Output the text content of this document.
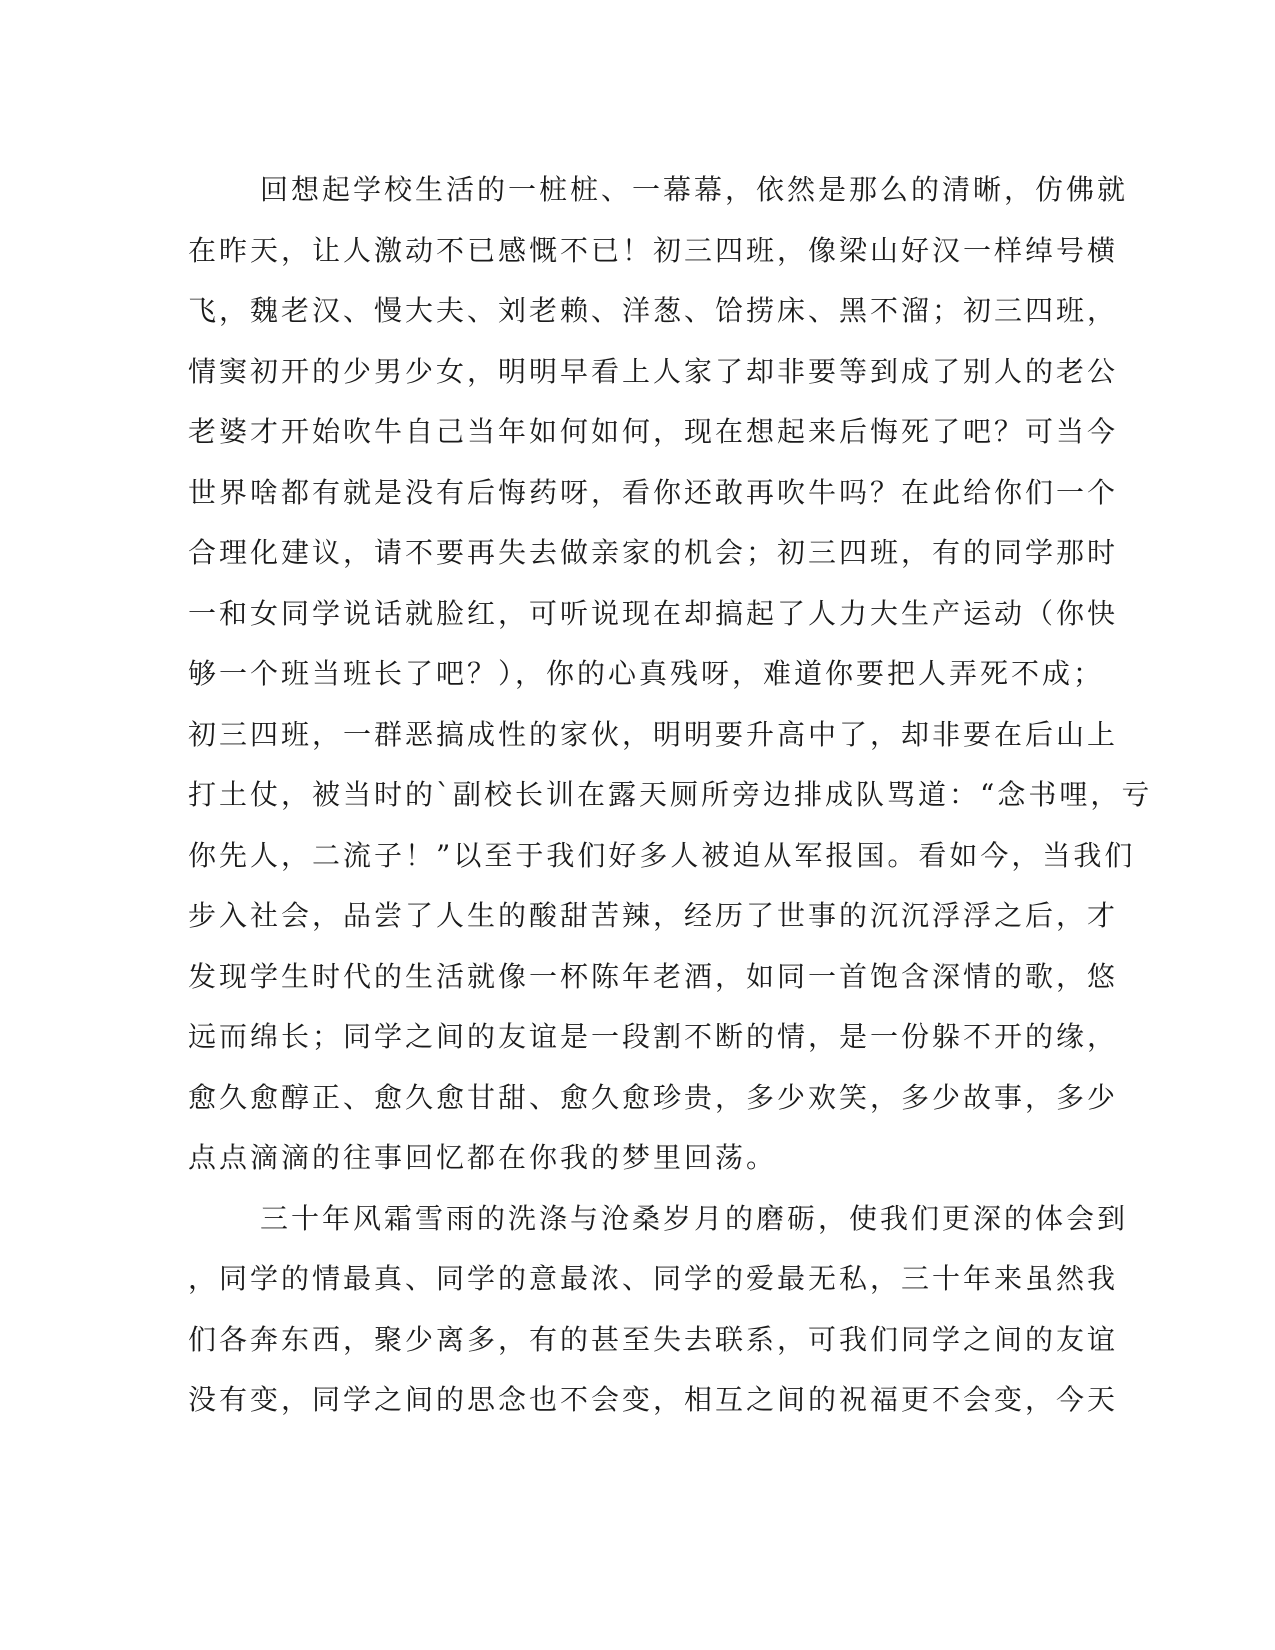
回想起学校生活的一桩桩、一幕幕，依然是那么的清晰，仿佛就
在昨天，让人激动不已感慨不已！初三四班，像梁山好汉一样绰号横
飞，魏老汉、慢大夫、刘老赖、洋葱、饸捞床、黑不溜；初三四班，
情窦初开的少男少女，明明早看上人家了却非要等到成了别人的老公
老婆才开始吹牛自己当年如何如何，现在想起来后悔死了吧？可当今
世界啥都有就是没有后悔药呀，看你还敢再吹牛吗？在此给你们一个
合理化建议，请不要再失去做亲家的机会；初三四班，有的同学那时
一和女同学说话就脸红，可听说现在却搞起了人力大生产运动（你快
够一个班当班长了吧？），你的心真残呀，难道你要把人弄死不成；
初三四班，一群恶搞成性的家伙，明明要升高中了，却非要在后山上
打土仗，被当时的`副校长训在露天厕所旁边排成队骂道：“念书哩，亏
你先人，二流子！”以至于我们好多人被迫从军报国。看如今，当我们
步入社会，品尝了人生的酸甜苦辣，经历了世事的沉沉浮浮之后，才
发现学生时代的生活就像一杯陈年老酒，如同一首饱含深情的歌，悠
远而绵长；同学之间的友谊是一段割不断的情，是一份躲不开的缘，
愈久愈醇正、愈久愈甘甜、愈久愈珍贵，多少欢笑，多少故事，多少
点点滴滴的往事回忆都在你我的梦里回荡。
三十年风霜雪雨的洗涤与沧桑岁月的磨砺，使我们更深的体会到
，同学的情最真、同学的意最浓、同学的爱最无私，三十年来虽然我
们各奔东西，聚少离多，有的甚至失去联系，可我们同学之间的友谊
没有变，同学之间的思念也不会变，相互之间的祝福更不会变，今天
